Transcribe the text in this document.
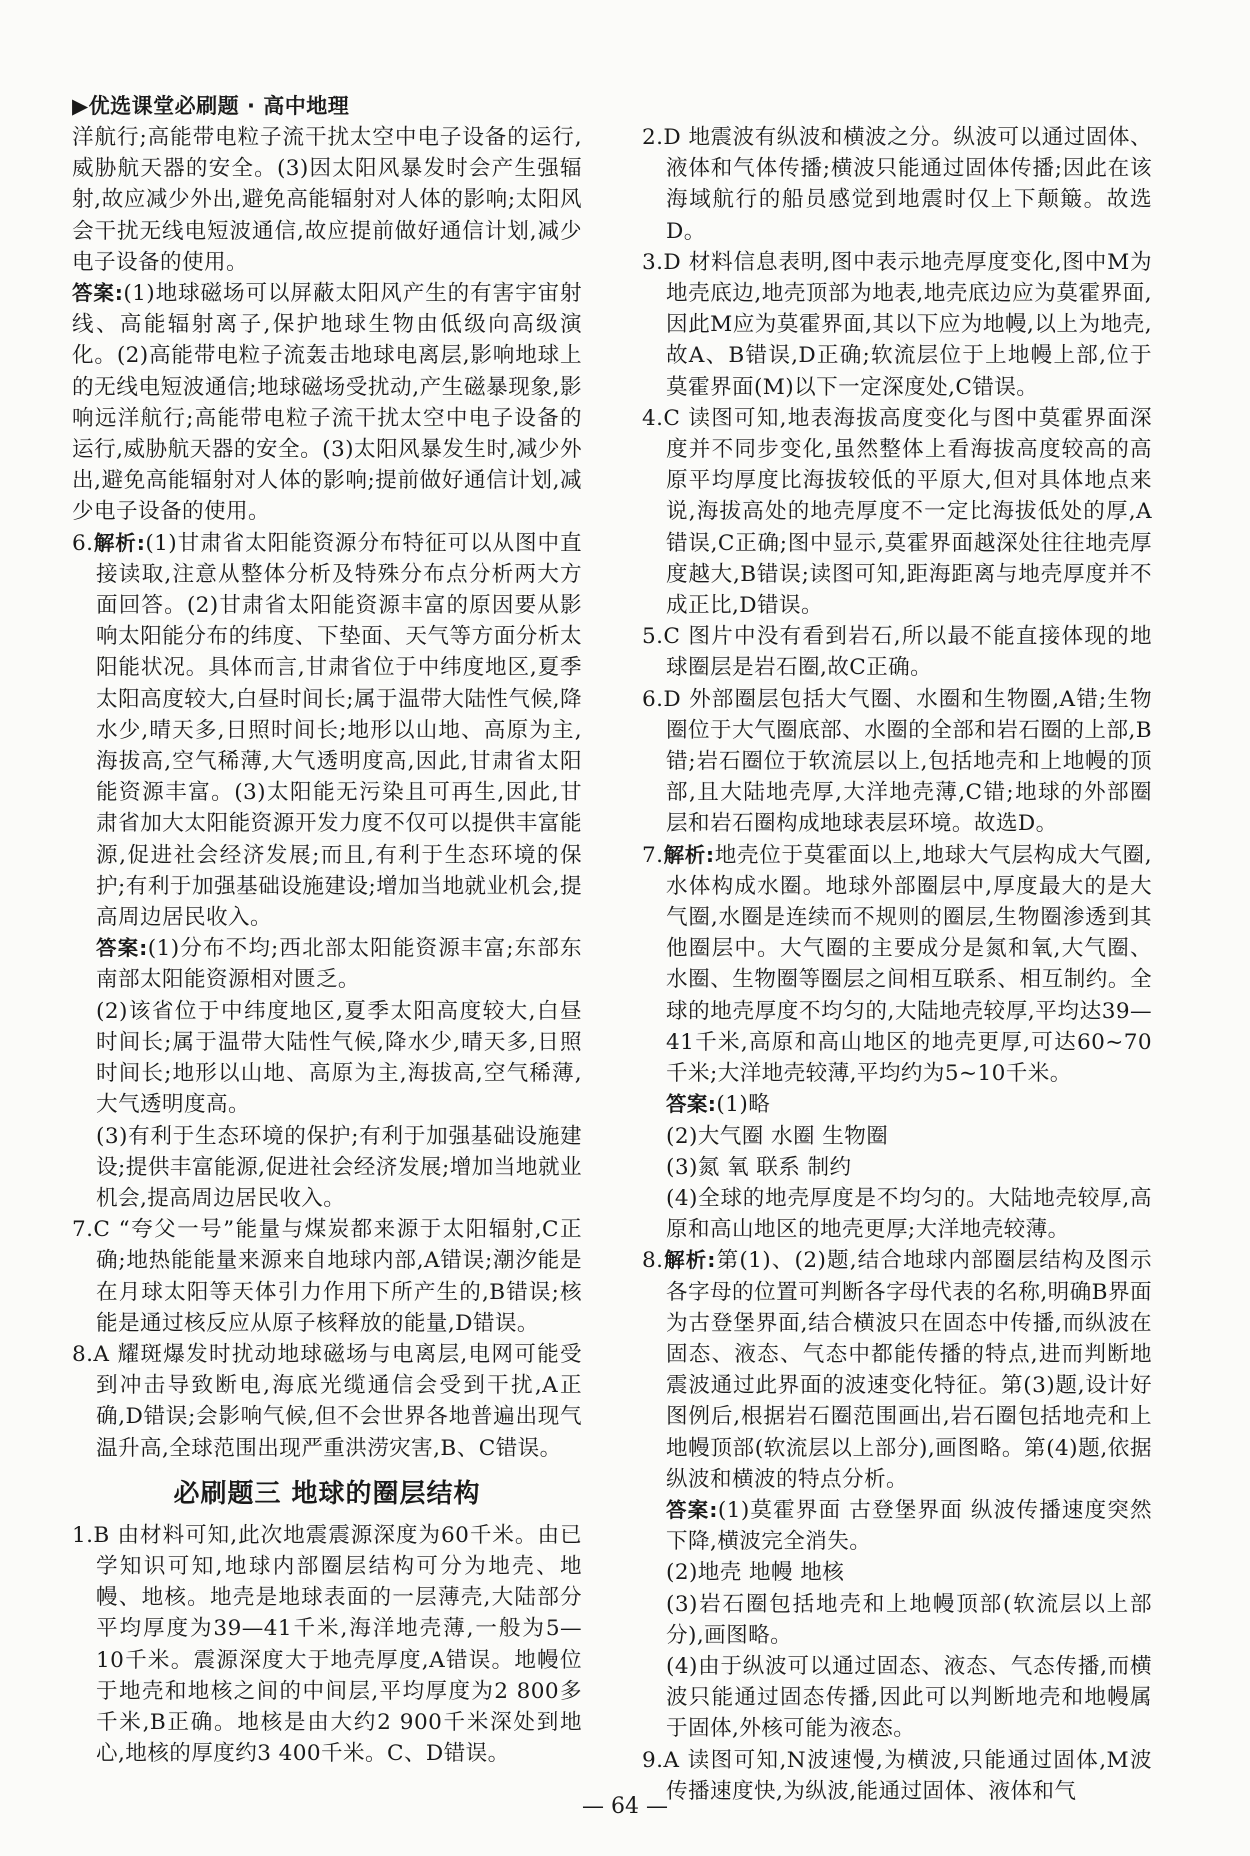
▶优选课堂必刷题 · 高中地理

洋航行;高能带电粒子流干扰太空中电子设备的运行,威胁航天器的安全。(3)因太阳风暴发时会产生强辐射,故应减少外出,避免高能辐射对人体的影响;太阳风会干扰无线电短波通信,故应提前做好通信计划,减少电子设备的使用。

答案:(1)地球磁场可以屏蔽太阳风产生的有害宇宙射线、高能辐射离子,保护地球生物由低级向高级演化。(2)高能带电粒子流轰击地球电离层,影响地球上的无线电短波通信;地球磁场受扰动,产生磁暴现象,影响远洋航行;高能带电粒子流干扰太空中电子设备的运行,威胁航天器的安全。(3)太阳风暴发生时,减少外出,避免高能辐射对人体的影响;提前做好通信计划,减少电子设备的使用。

6.解析:(1)甘肃省太阳能资源分布特征可以从图中直接读取,注意从整体分析及特殊分布点分析两大方面回答。(2)甘肃省太阳能资源丰富的原因要从影响太阳能分布的纬度、下垫面、天气等方面分析太阳能状况。具体而言,甘肃省位于中纬度地区,夏季太阳高度较大,白昼时间长;属于温带大陆性气候,降水少,晴天多,日照时间长;地形以山地、高原为主,海拔高,空气稀薄,大气透明度高,因此,甘肃省太阳能资源丰富。(3)太阳能无污染且可再生,因此,甘肃省加大太阳能资源开发力度不仅可以提供丰富能源,促进社会经济发展;而且,有利于生态环境的保护;有利于加强基础设施建设;增加当地就业机会,提高周边居民收入。

答案:(1)分布不均;西北部太阳能资源丰富;东部东南部太阳能资源相对匮乏。

(2)该省位于中纬度地区,夏季太阳高度较大,白昼时间长;属于温带大陆性气候,降水少,晴天多,日照时间长;地形以山地、高原为主,海拔高,空气稀薄,大气透明度高。

(3)有利于生态环境的保护;有利于加强基础设施建设;提供丰富能源,促进社会经济发展;增加当地就业机会,提高周边居民收入。

7.C “夸父一号”能量与煤炭都来源于太阳辐射,C正确;地热能能量来源来自地球内部,A错误;潮汐能是在月球太阳等天体引力作用下所产生的,B错误;核能是通过核反应从原子核释放的能量,D错误。

8.A 耀斑爆发时扰动地球磁场与电离层,电网可能受到冲击导致断电,海底光缆通信会受到干扰,A正确,D错误;会影响气候,但不会世界各地普遍出现气温升高,全球范围出现严重洪涝灾害,B、C错误。

必刷题三 地球的圈层结构

1.B 由材料可知,此次地震震源深度为60千米。由已学知识可知,地球内部圈层结构可分为地壳、地幔、地核。地壳是地球表面的一层薄壳,大陆部分平均厚度为39—41千米,海洋地壳薄,一般为5—10千米。震源深度大于地壳厚度,A错误。地幔位于地壳和地核之间的中间层,平均厚度为2 800多千米,B正确。地核是由大约2 900千米深处到地心,地核的厚度约3 400千米。C、D错误。

2.D 地震波有纵波和横波之分。纵波可以通过固体、液体和气体传播;横波只能通过固体传播;因此在该海域航行的船员感觉到地震时仅上下颠簸。故选D。

3.D 材料信息表明,图中表示地壳厚度变化,图中M为地壳底边,地壳顶部为地表,地壳底边应为莫霍界面,因此M应为莫霍界面,其以下应为地幔,以上为地壳,故A、B错误,D正确;软流层位于上地幔上部,位于莫霍界面(M)以下一定深度处,C错误。

4.C 读图可知,地表海拔高度变化与图中莫霍界面深度并不同步变化,虽然整体上看海拔高度较高的高原平均厚度比海拔较低的平原大,但对具体地点来说,海拔高处的地壳厚度不一定比海拔低处的厚,A错误,C正确;图中显示,莫霍界面越深处往往地壳厚度越大,B错误;读图可知,距海距离与地壳厚度并不成正比,D错误。

5.C 图片中没有看到岩石,所以最不能直接体现的地球圈层是岩石圈,故C正确。

6.D 外部圈层包括大气圈、水圈和生物圈,A错;生物圈位于大气圈底部、水圈的全部和岩石圈的上部,B错;岩石圈位于软流层以上,包括地壳和上地幔的顶部,且大陆地壳厚,大洋地壳薄,C错;地球的外部圈层和岩石圈构成地球表层环境。故选D。

7.解析:地壳位于莫霍面以上,地球大气层构成大气圈,水体构成水圈。地球外部圈层中,厚度最大的是大气圈,水圈是连续而不规则的圈层,生物圈渗透到其他圈层中。大气圈的主要成分是氮和氧,大气圈、水圈、生物圈等圈层之间相互联系、相互制约。全球的地壳厚度不均匀的,大陆地壳较厚,平均达39—41千米,高原和高山地区的地壳更厚,可达60~70千米;大洋地壳较薄,平均约为5~10千米。

答案:(1)略

(2)大气圈 水圈 生物圈

(3)氮 氧 联系 制约

(4)全球的地壳厚度是不均匀的。大陆地壳较厚,高原和高山地区的地壳更厚;大洋地壳较薄。

8.解析:第(1)、(2)题,结合地球内部圈层结构及图示各字母的位置可判断各字母代表的名称,明确B界面为古登堡界面,结合横波只在固态中传播,而纵波在固态、液态、气态中都能传播的特点,进而判断地震波通过此界面的波速变化特征。第(3)题,设计好图例后,根据岩石圈范围画出,岩石圈包括地壳和上地幔顶部(软流层以上部分),画图略。第(4)题,依据纵波和横波的特点分析。

答案:(1)莫霍界面 古登堡界面 纵波传播速度突然下降,横波完全消失。

(2)地壳 地幔 地核

(3)岩石圈包括地壳和上地幔顶部(软流层以上部分),画图略。

(4)由于纵波可以通过固态、液态、气态传播,而横波只能通过固态传播,因此可以判断地壳和地幔属于固体,外核可能为液态。

9.A 读图可知,N波速慢,为横波,只能通过固体,M波传播速度快,为纵波,能通过固体、液体和气

— 64 —
